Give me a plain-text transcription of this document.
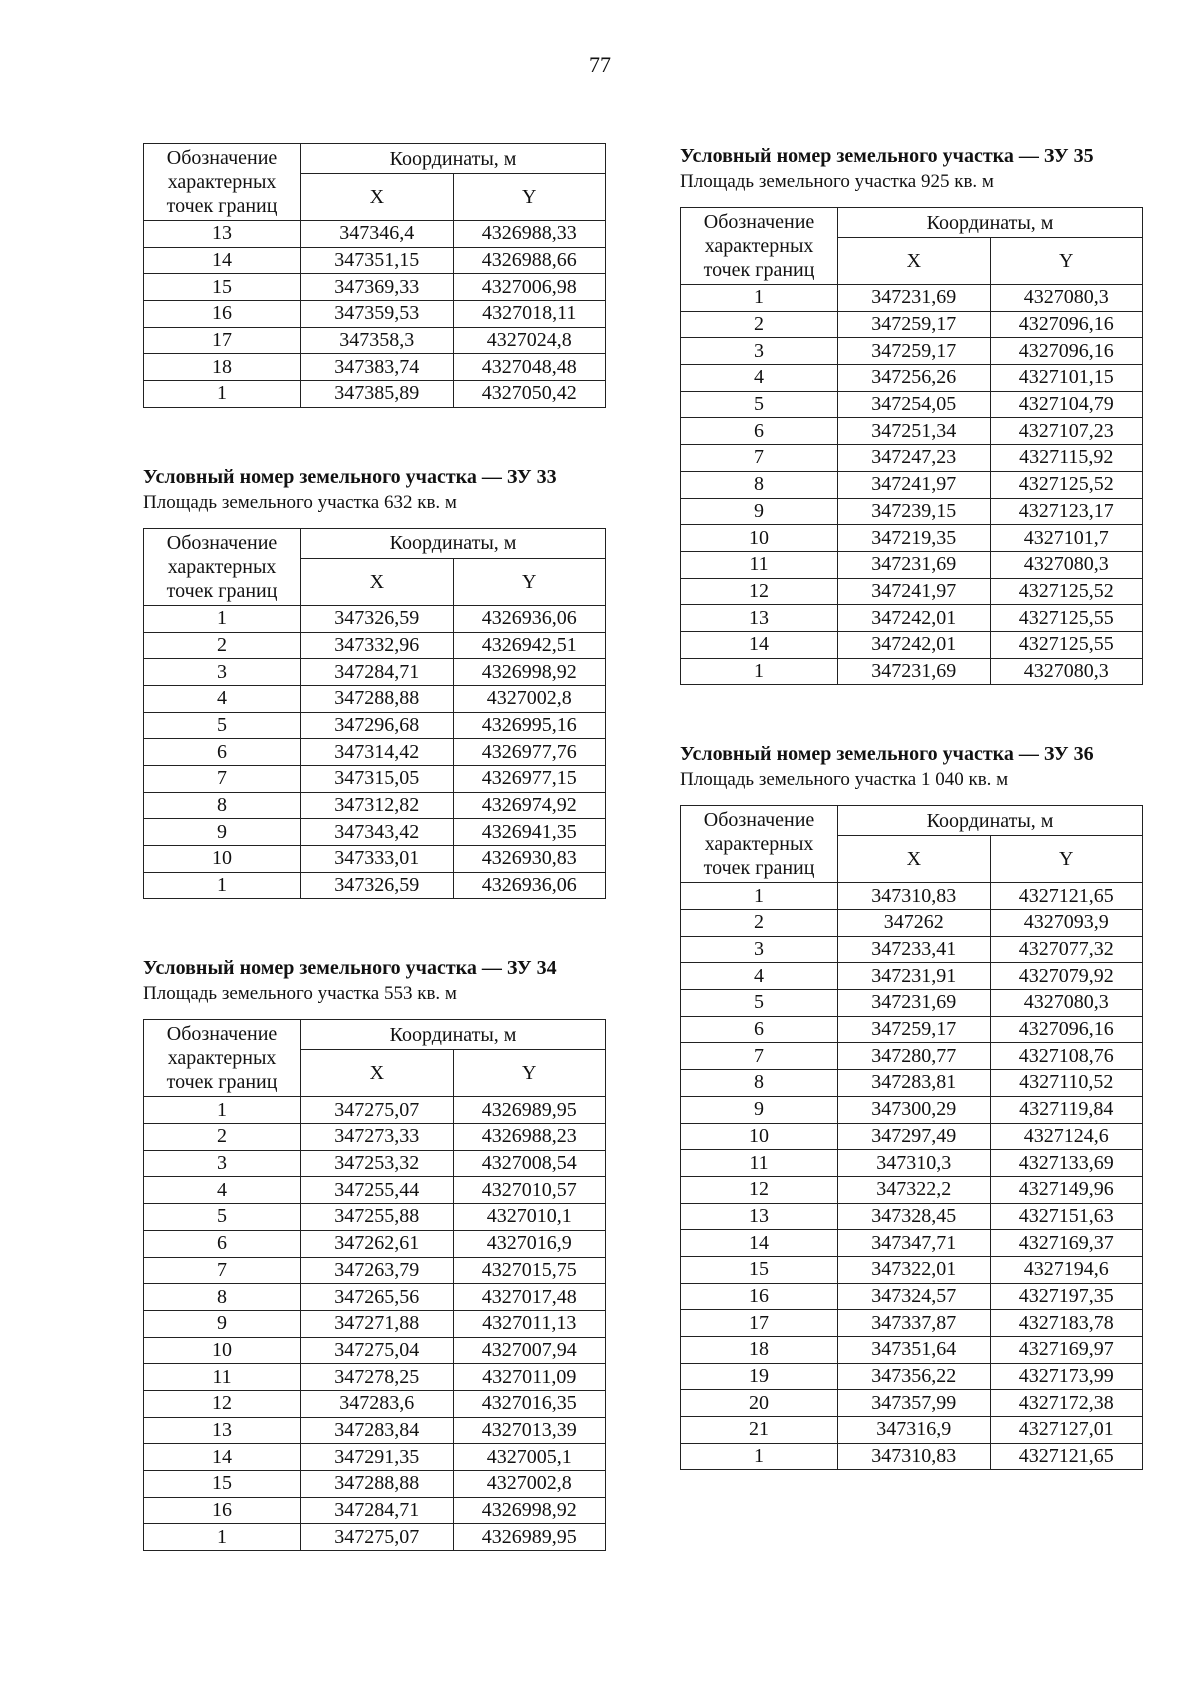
77
Обозначение характерных точек границ	Координаты, м	
	X	Y
13	347346,4	4326988,33
14	347351,15	4326988,66
15	347369,33	4327006,98
16	347359,53	4327018,11
17	347358,3	4327024,8
18	347383,74	4327048,48
1	347385,89	4327050,42
Условный номер земельного участка — ЗУ 33
Площадь земельного участка 632 кв. м
Обозначение характерных точек границ	Координаты, м	
	X	Y
1	347326,59	4326936,06
2	347332,96	4326942,51
3	347284,71	4326998,92
4	347288,88	4327002,8
5	347296,68	4326995,16
6	347314,42	4326977,76
7	347315,05	4326977,15
8	347312,82	4326974,92
9	347343,42	4326941,35
10	347333,01	4326930,83
1	347326,59	4326936,06
Условный номер земельного участка — ЗУ 34
Площадь земельного участка 553 кв. м
Обозначение характерных точек границ	Координаты, м	
	X	Y
1	347275,07	4326989,95
2	347273,33	4326988,23
3	347253,32	4327008,54
4	347255,44	4327010,57
5	347255,88	4327010,1
6	347262,61	4327016,9
7	347263,79	4327015,75
8	347265,56	4327017,48
9	347271,88	4327011,13
10	347275,04	4327007,94
11	347278,25	4327011,09
12	347283,6	4327016,35
13	347283,84	4327013,39
14	347291,35	4327005,1
15	347288,88	4327002,8
16	347284,71	4326998,92
1	347275,07	4326989,95
Условный номер земельного участка — ЗУ 35
Площадь земельного участка 925 кв. м
Обозначение характерных точек границ	Координаты, м	
	X	Y
1	347231,69	4327080,3
2	347259,17	4327096,16
3	347259,17	4327096,16
4	347256,26	4327101,15
5	347254,05	4327104,79
6	347251,34	4327107,23
7	347247,23	4327115,92
8	347241,97	4327125,52
9	347239,15	4327123,17
10	347219,35	4327101,7
11	347231,69	4327080,3
12	347241,97	4327125,52
13	347242,01	4327125,55
14	347242,01	4327125,55
1	347231,69	4327080,3
Условный номер земельного участка — ЗУ 36
Площадь земельного участка 1 040 кв. м
Обозначение характерных точек границ	Координаты, м	
	X	Y
1	347310,83	4327121,65
2	347262	4327093,9
3	347233,41	4327077,32
4	347231,91	4327079,92
5	347231,69	4327080,3
6	347259,17	4327096,16
7	347280,77	4327108,76
8	347283,81	4327110,52
9	347300,29	4327119,84
10	347297,49	4327124,6
11	347310,3	4327133,69
12	347322,2	4327149,96
13	347328,45	4327151,63
14	347347,71	4327169,37
15	347322,01	4327194,6
16	347324,57	4327197,35
17	347337,87	4327183,78
18	347351,64	4327169,97
19	347356,22	4327173,99
20	347357,99	4327172,38
21	347316,9	4327127,01
1	347310,83	4327121,65
